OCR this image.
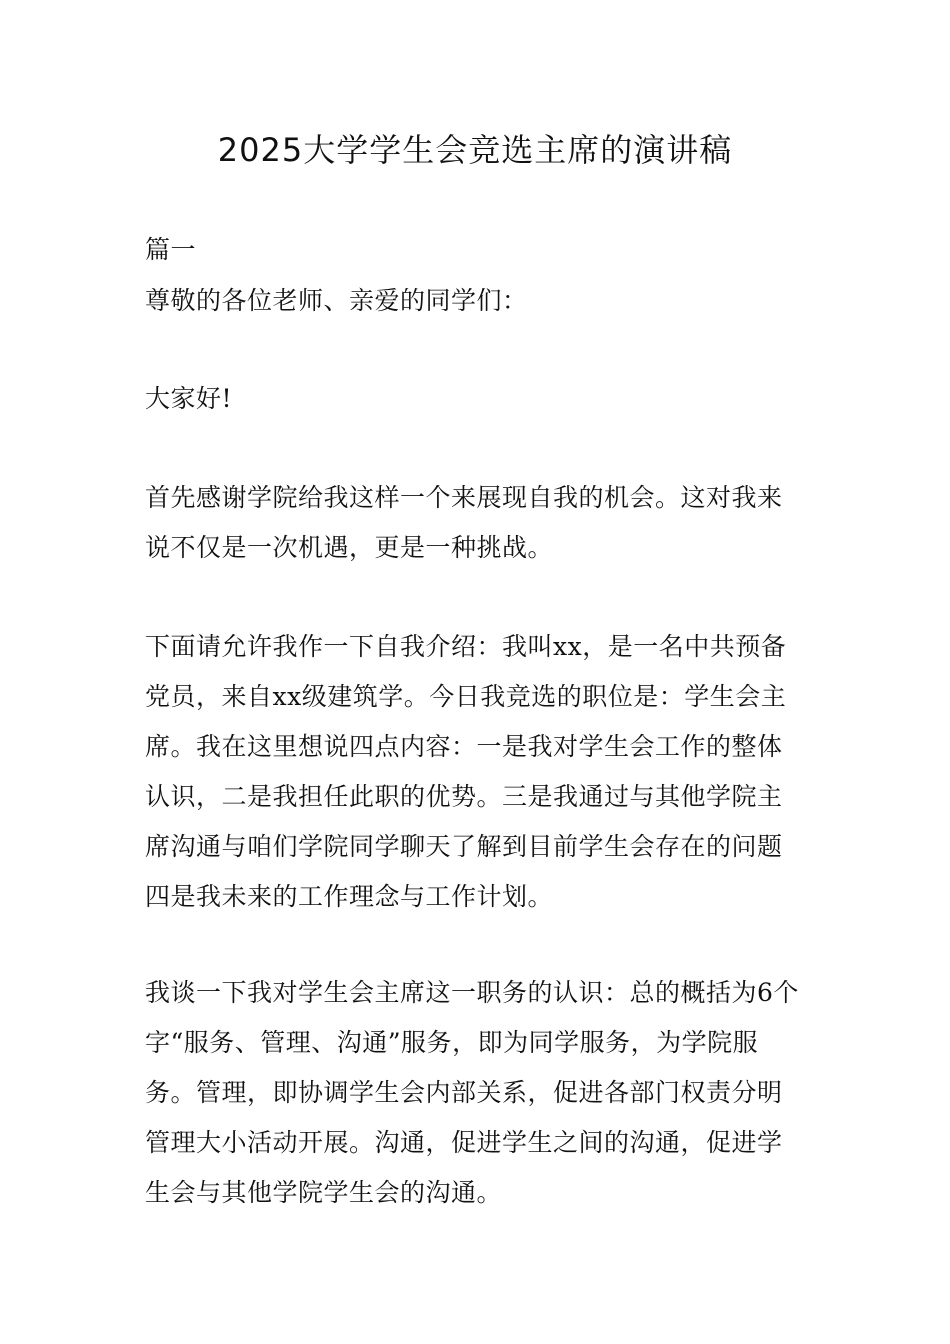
2025大学学生会竞选主席的演讲稿
篇一
尊敬的各位老师、亲爱的同学们：
大家好!
首先感谢学院给我这样一个来展现自我的机会。这对我来
说不仅是一次机遇，更是一种挑战。
下面请允许我作一下自我介绍：我叫xx，是一名中共预备
党员，来自xx级建筑学。今日我竞选的职位是：学生会主
席。我在这里想说四点内容：一是我对学生会工作的整体
认识，二是我担任此职的优势。三是我通过与其他学院主
席沟通与咱们学院同学聊天了解到目前学生会存在的问题
四是我未来的工作理念与工作计划。
我谈一下我对学生会主席这一职务的认识：总的概括为6个
字“服务、管理、沟通”服务，即为同学服务，为学院服
务。管理，即协调学生会内部关系，促进各部门权责分明
管理大小活动开展。沟通，促进学生之间的沟通，促进学
生会与其他学院学生会的沟通。
